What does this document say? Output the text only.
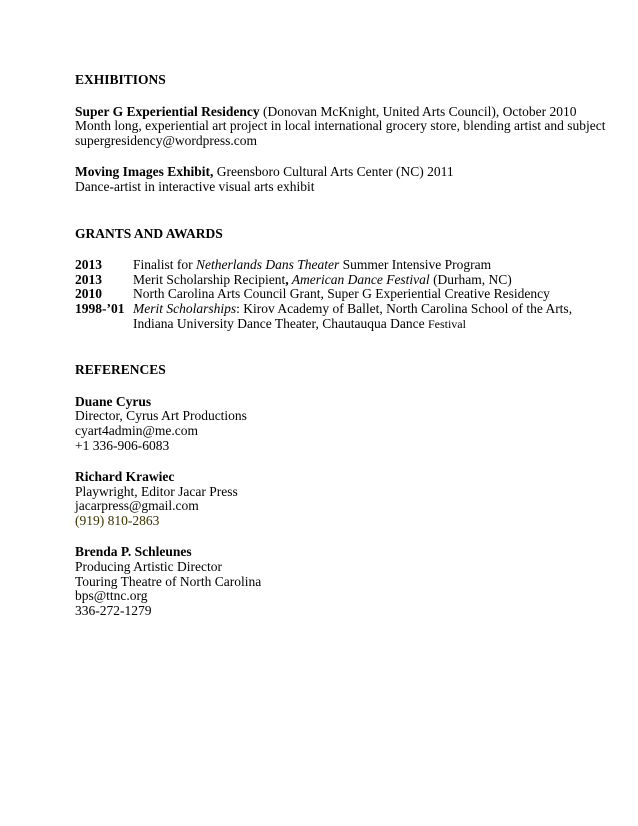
EXHIBITIONS
Super G Experiential Residency (Donovan McKnight, United Arts Council), October 2010
Month long, experiential art project in local international grocery store, blending artist and subject
supergresidency@wordpress.com
Moving Images Exhibit, Greensboro Cultural Arts Center (NC) 2011
Dance-artist in interactive visual arts exhibit
GRANTS AND AWARDS
2013	Finalist for Netherlands Dans Theater Summer Intensive Program
2013	Merit Scholarship Recipient, American Dance Festival (Durham, NC)
2010	North Carolina Arts Council Grant, Super G Experiential Creative Residency
1998-’01 Merit Scholarships: Kirov Academy of Ballet, North Carolina School of the Arts,
Indiana University Dance Theater, Chautauqua Dance Festival
REFERENCES
Duane Cyrus
Director, Cyrus Art Productions
cyart4admin@me.com
+1 336-906-6083
Richard Krawiec
Playwright, Editor Jacar Press
jacarpress@gmail.com
(919) 810-2863
Brenda P. Schleunes
Producing Artistic Director
Touring Theatre of North Carolina
bps@ttnc.org
336-272-1279
